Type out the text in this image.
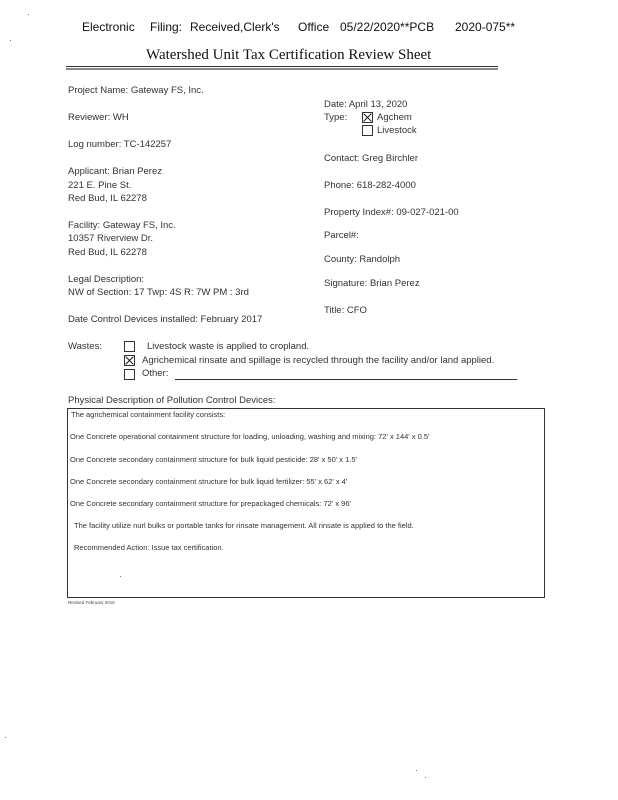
Electronic Filing: Received,Clerk's Office 05/22/2020**PCB 2020-075**
Watershed Unit Tax Certification Review Sheet
Project Name: Gateway FS, Inc.
Reviewer: WH
Log number: TC-142257
Applicant: Brian Perez
221 E. Pine St.
Red Bud, IL 62278
Facility: Gateway FS, Inc.
10357 Riverview Dr.
Red Bud, IL 62278
Legal Description:
NW of Section: 17 Twp: 4S R: 7W PM : 3rd
Date Control Devices installed: February 2017
Date: April 13, 2020
Type:	Agchem
Livestock
Contact: Greg Birchler
Phone: 618-282-4000
Property Index#: 09-027-021-00
Parcel#:
County: Randolph
Signature: Brian Perez
Title: CFO
Wastes:	Livestock waste is applied to cropland.
Agrichemical rinsate and spillage is recycled through the facility and/or land applied.
Other:
Physical Description of Pollution Control Devices:
The agrichemical containment facility consists:
One Concrete operational containment structure for loading, unloading, washing and mixing: 72' x 144' x 0.5'
One Concrete secondary containment structure for bulk liquid pesticide: 28' x 50' x 1.5'
One Concrete secondary containment structure for bulk liquid fertilizer: 55' x 62' x 4'
One Concrete secondary containment structure for prepackaged chemicals: 72' x 96'
The facility utilize nurl bulks or portable tanks for rinsate management. All rinsate is applied to the field.
Recommended Action: Issue tax certification.
Revised February 2016
